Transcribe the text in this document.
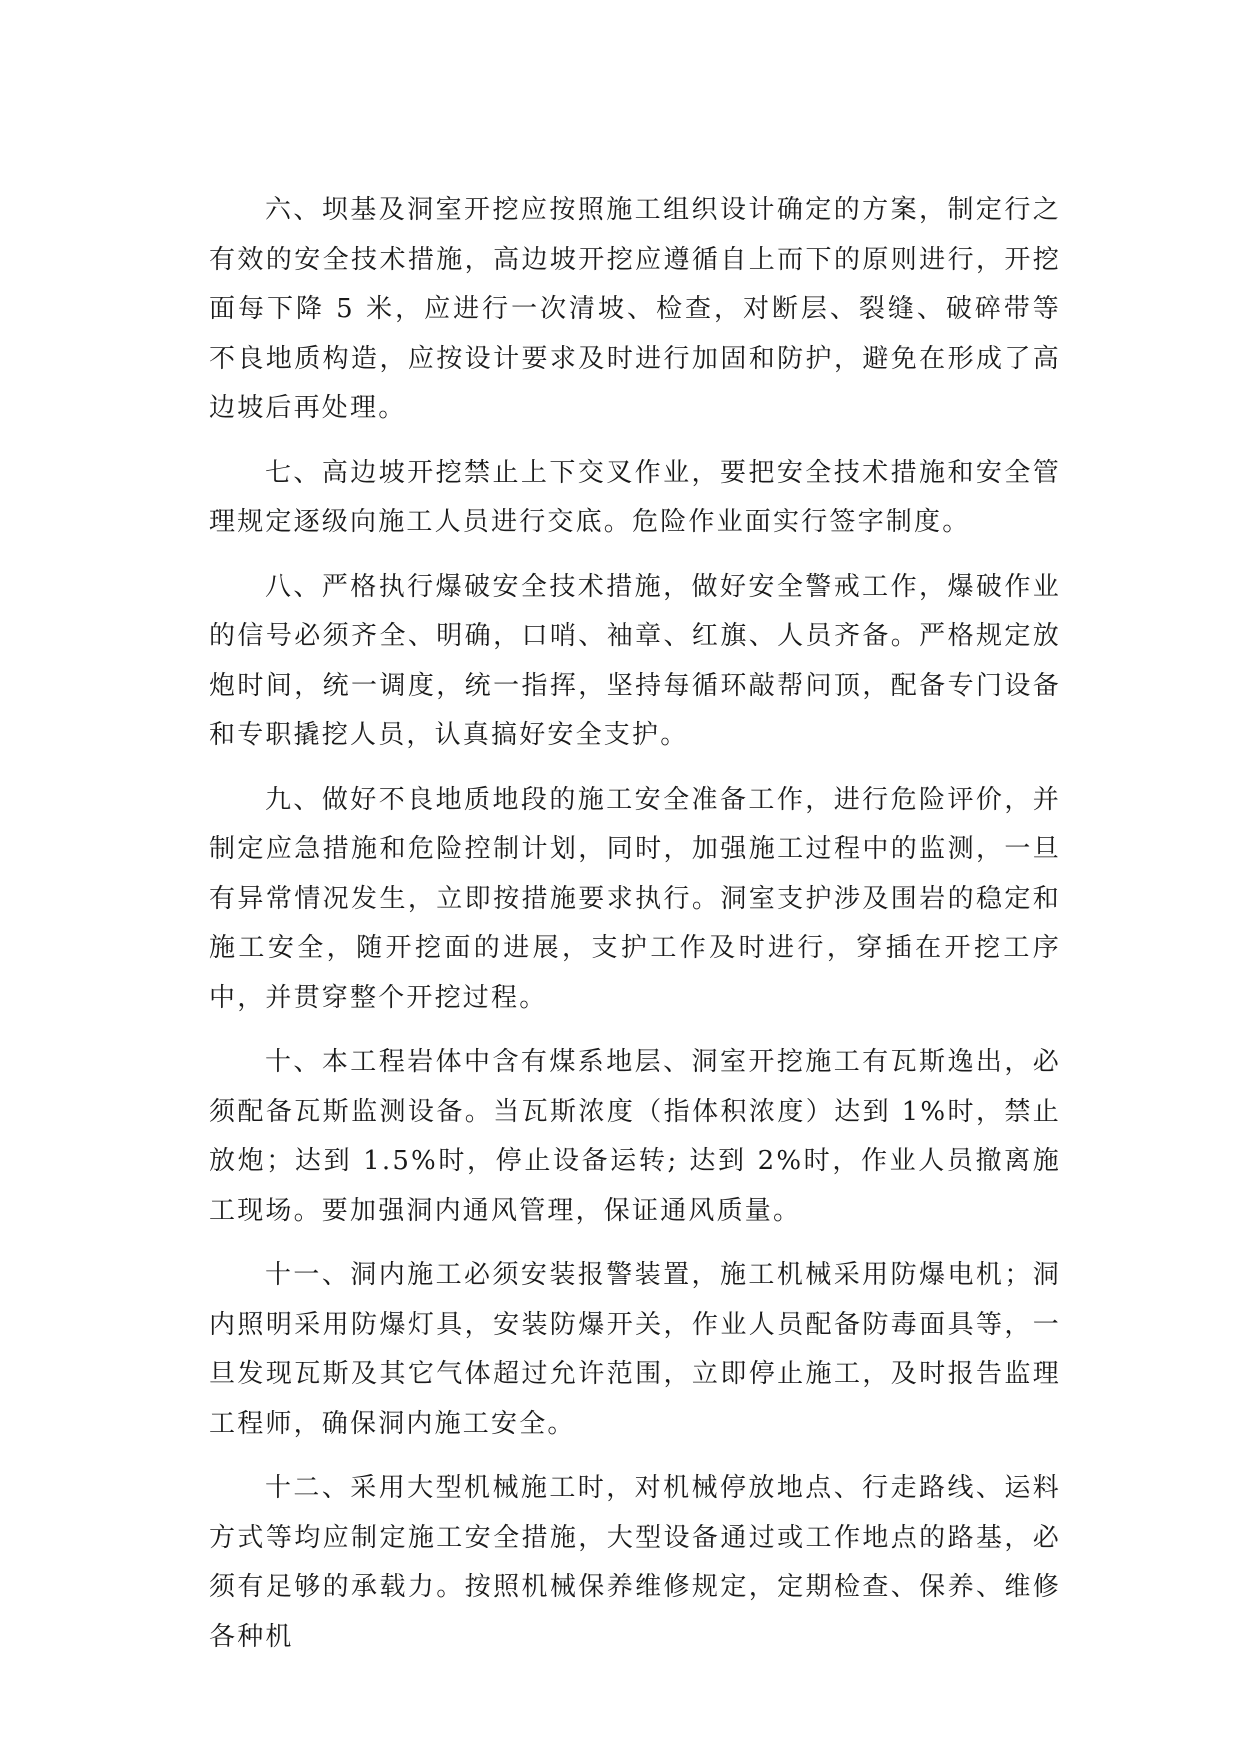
六、坝基及洞室开挖应按照施工组织设计确定的方案，制定行之有效的安全技术措施，高边坡开挖应遵循自上而下的原则进行，开挖面每下降 5 米，应进行一次清坡、检查，对断层、裂缝、破碎带等不良地质构造，应按设计要求及时进行加固和防护，避免在形成了高边坡后再处理。

七、高边坡开挖禁止上下交叉作业，要把安全技术措施和安全管理规定逐级向施工人员进行交底。危险作业面实行签字制度。

八、严格执行爆破安全技术措施，做好安全警戒工作，爆破作业的信号必须齐全、明确，口哨、袖章、红旗、人员齐备。严格规定放炮时间，统一调度，统一指挥，坚持每循环敲帮问顶，配备专门设备和专职撬挖人员，认真搞好安全支护。

九、做好不良地质地段的施工安全准备工作，进行危险评价，并制定应急措施和危险控制计划，同时，加强施工过程中的监测，一旦有异常情况发生，立即按措施要求执行。洞室支护涉及围岩的稳定和施工安全，随开挖面的进展，支护工作及时进行，穿插在开挖工序中，并贯穿整个开挖过程。

十、本工程岩体中含有煤系地层、洞室开挖施工有瓦斯逸出，必须配备瓦斯监测设备。当瓦斯浓度（指体积浓度）达到 1%时，禁止放炮；达到 1.5%时，停止设备运转; 达到 2%时，作业人员撤离施工现场。要加强洞内通风管理，保证通风质量。

十一、洞内施工必须安装报警装置，施工机械采用防爆电机；洞内照明采用防爆灯具，安装防爆开关，作业人员配备防毒面具等，一旦发现瓦斯及其它气体超过允许范围，立即停止施工，及时报告监理工程师，确保洞内施工安全。

十二、采用大型机械施工时，对机械停放地点、行走路线、运料方式等均应制定施工安全措施，大型设备通过或工作地点的路基，必须有足够的承载力。按照机械保养维修规定，定期检查、保养、维修各种机
